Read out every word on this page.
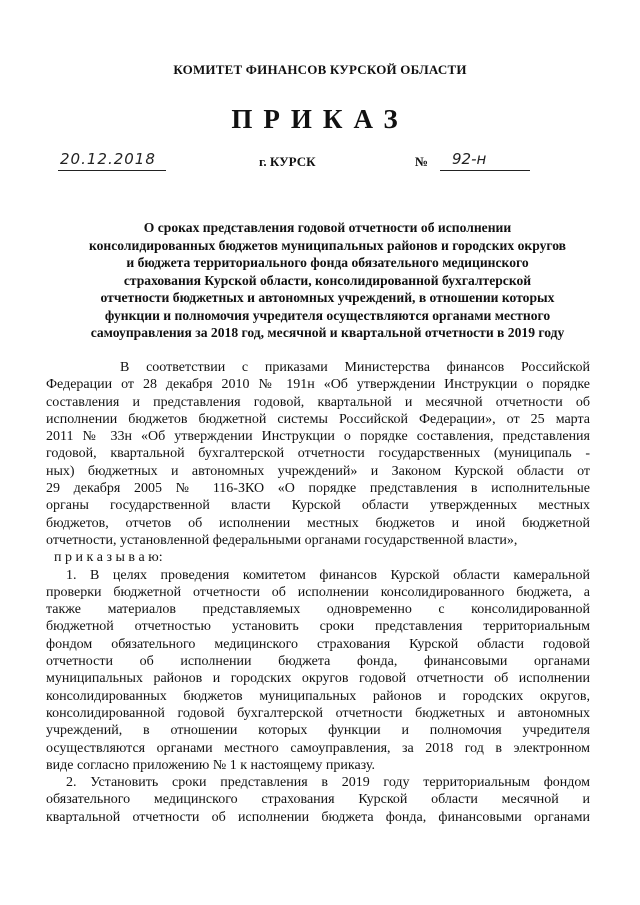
КОМИТЕТ ФИНАНСОВ КУРСКОЙ ОБЛАСТИ
ПРИКАЗ
20.12.2018	г. КУРСК	№ 92-н
О сроках представления годовой отчетности об исполнении
консолидированных бюджетов муниципальных районов и городских округов
и бюджета территориального фонда обязательного медицинского
страхования Курской области, консолидированной бухгалтерской
отчетности бюджетных и автономных учреждений, в отношении которых
функции и полномочия учредителя осуществляются органами местного
самоуправления за 2018 год, месячной и квартальной отчетности в 2019 году
В соответствии с приказами Министерства финансов Российской
Федерации от 28 декабря 2010 № 191н «Об утверждении Инструкции о порядке
составления и представления годовой, квартальной и месячной отчетности об
исполнении бюджетов бюджетной системы Российской Федерации», от 25 марта
2011 № 33н «Об утверждении Инструкции о порядке составления, представления
годовой, квартальной бухгалтерской отчетности государственных (муниципаль -
ных) бюджетных и автономных учреждений» и Законом Курской области от
29 декабря 2005 № 116-ЗКО «О порядке представления в исполнительные
органы государственной власти Курской области утвержденных местных
бюджетов, отчетов об исполнении местных бюджетов и иной бюджетной
отчетности, установленной федеральными органами государственной власти»,
п р и к а з ы в а ю:
1. В целях проведения комитетом финансов Курской области камеральной
проверки бюджетной отчетности об исполнении консолидированного бюджета, а
также материалов представляемых одновременно с консолидированной
бюджетной отчетностью установить сроки представления территориальным
фондом обязательного медицинского страхования Курской области годовой
отчетности об исполнении бюджета фонда, финансовыми органами
муниципальных районов и городских округов годовой отчетности об исполнении
консолидированных бюджетов муниципальных районов и городских округов,
консолидированной годовой бухгалтерской отчетности бюджетных и автономных
учреждений, в отношении которых функции и полномочия учредителя
осуществляются органами местного самоуправления, за 2018 год в электронном
виде согласно приложению № 1 к настоящему приказу.
2. Установить сроки представления в 2019 году территориальным фондом
обязательного медицинского страхования Курской области месячной и
квартальной отчетности об исполнении бюджета фонда, финансовыми органами
